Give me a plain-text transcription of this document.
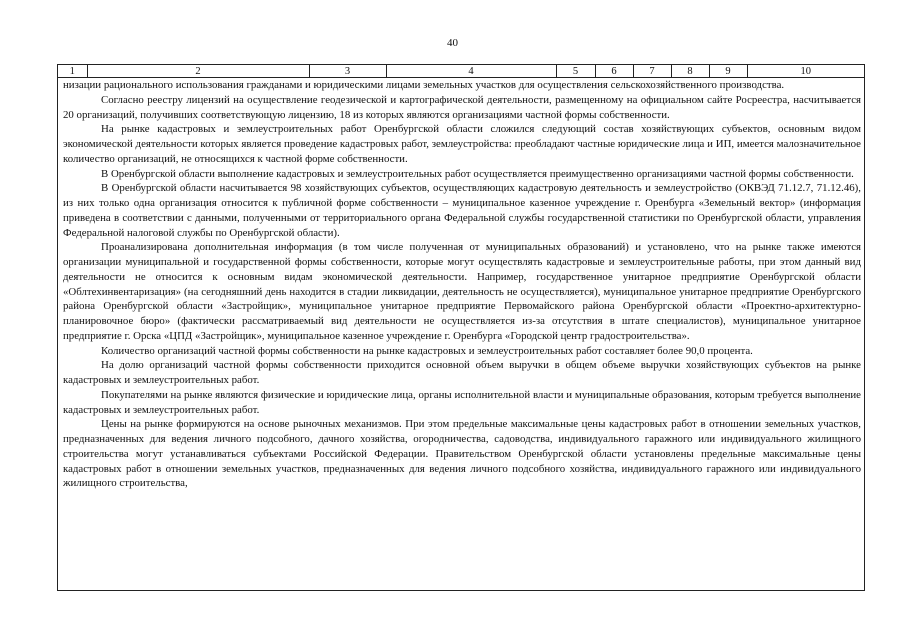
40
1	2	3	4	5	6	7	8	9	10

низации рационального использования гражданами и юридическими лицами земельных участков для осуществления сельскохозяйственного производства.

Согласно реестру лицензий на осуществление геодезической и картографической деятельности, размещенному на официальном сайте Росреестра, насчитывается 20 организаций, получивших соответствующую лицензию, 18 из которых являются организациями частной формы собственности.

На рынке кадастровых и землеустроительных работ Оренбургской области сложился следующий состав хозяйствующих субъектов, основным видом экономической деятельности которых является проведение кадастровых работ, землеустройства: преобладают частные юридические лица и ИП, имеется малозначительное количество организаций, не относящихся к частной форме собственности.

В Оренбургской области выполнение кадастровых и землеустроительных работ осуществляется преимущественно организациями частной формы собственности.

В Оренбургской области насчитывается 98 хозяйствующих субъектов, осуществляющих кадастровую деятельность и землеустройство (ОКВЭД 71.12.7, 71.12.46), из них только одна организация относится к публичной форме собственности – муниципальное казенное учреждение г. Оренбурга «Земельный вектор» (информация приведена в соответствии с данными, полученными от территориального органа Федеральной службы государственной статистики по Оренбургской области, управления Федеральной налоговой службы по Оренбургской области).

Проанализирована дополнительная информация (в том числе полученная от муниципальных образований) и установлено, что на рынке также имеются организации муниципальной и государственной формы собственности, которые могут осуществлять кадастровые и землеустроительные работы, при этом данный вид деятельности не относится к основным видам экономической деятельности. Например, государственное унитарное предприятие Оренбургской области «Облтехинвентаризация» (на сегодняшний день находится в стадии ликвидации, деятельность не осуществляется), муниципальное унитарное предприятие Оренбургского района Оренбургской области «Застройщик», муниципальное унитарное предприятие Первомайского района Оренбургской области «Проектно-архитектурно-планировочное бюро» (фактически рассматриваемый вид деятельности не осуществляется из-за отсутствия в штате специалистов), муниципальное унитарное предприятие г. Орска «ЦПД «Застройщик», муниципальное казенное учреждение г. Оренбурга «Городской центр градостроительства».

Количество организаций частной формы собственности на рынке кадастровых и землеустроительных работ составляет более 90,0 процента.

На долю организаций частной формы собственности приходится основной объем выручки в общем объеме выручки хозяйствующих субъектов на рынке кадастровых и землеустроительных работ.

Покупателями на рынке являются физические и юридические лица, органы исполнительной власти и муниципальные образования, которым требуется выполнение кадастровых и землеустроительных работ.

Цены на рынке формируются на основе рыночных механизмов. При этом предельные максимальные цены кадастровых работ в отношении земельных участков, предназначенных для ведения личного подсобного, дачного хозяйства, огородничества, садоводства, индивидуального гаражного или индивидуального жилищного строительства могут устанавливаться субъектами Российской Федерации. Правительством Оренбургской области установлены предельные максимальные цены кадастровых работ в отношении земельных участков, предназначенных для ведения личного подсобного хозяйства, индивидуального гаражного или индивидуального жилищного строительства,
